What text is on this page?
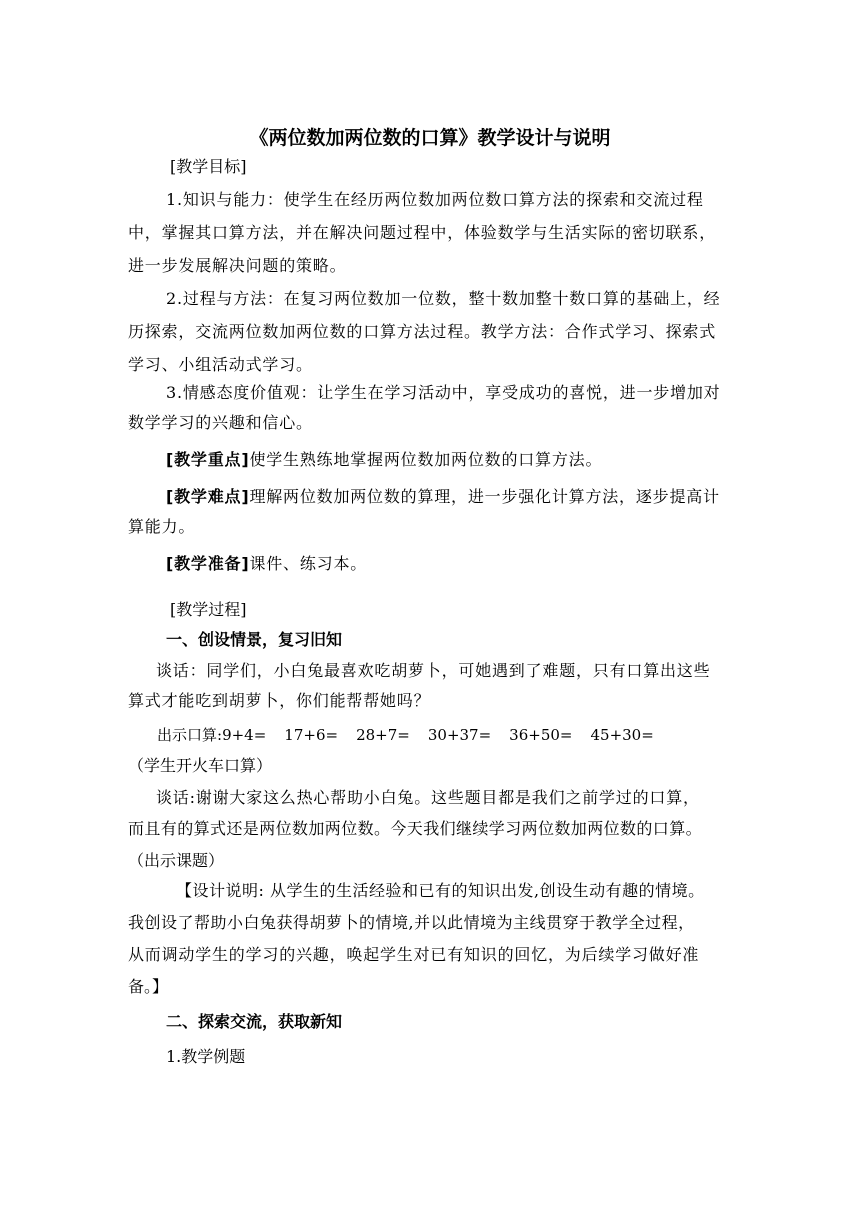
《两位数加两位数的口算》教学设计与说明

[教学目标]

1.知识与能力：使学生在经历两位数加两位数口算方法的探索和交流过程

中，掌握其口算方法，并在解决问题过程中，体验数学与生活实际的密切联系，

进一步发展解决问题的策略。

2.过程与方法：在复习两位数加一位数，整十数加整十数口算的基础上，经

历探索，交流两位数加两位数的口算方法过程。教学方法：合作式学习、探索式

学习、小组活动式学习。

3.情感态度价值观：让学生在学习活动中，享受成功的喜悦，进一步增加对

数学学习的兴趣和信心。

[教学重点]使学生熟练地掌握两位数加两位数的口算方法。

[教学难点]理解两位数加两位数的算理，进一步强化计算方法，逐步提高计

算能力。

[教学准备]课件、练习本。

[教学过程]

一、创设情景，复习旧知

谈话：同学们，小白兔最喜欢吃胡萝卜，可她遇到了难题，只有口算出这些

算式才能吃到胡萝卜，你们能帮帮她吗？

出示口算:9+4= 17+6= 28+7= 30+37= 36+50= 45+30=

（学生开火车口算）

谈话:谢谢大家这么热心帮助小白兔。这些题目都是我们之前学过的口算，

而且有的算式还是两位数加两位数。今天我们继续学习两位数加两位数的口算。

（出示课题）

【设计说明: 从学生的生活经验和已有的知识出发,创设生动有趣的情境。

我创设了帮助小白兔获得胡萝卜的情境,并以此情境为主线贯穿于教学全过程，

从而调动学生的学习的兴趣，唤起学生对已有知识的回忆，为后续学习做好准

备。】

二、探索交流，获取新知

1.教学例题
